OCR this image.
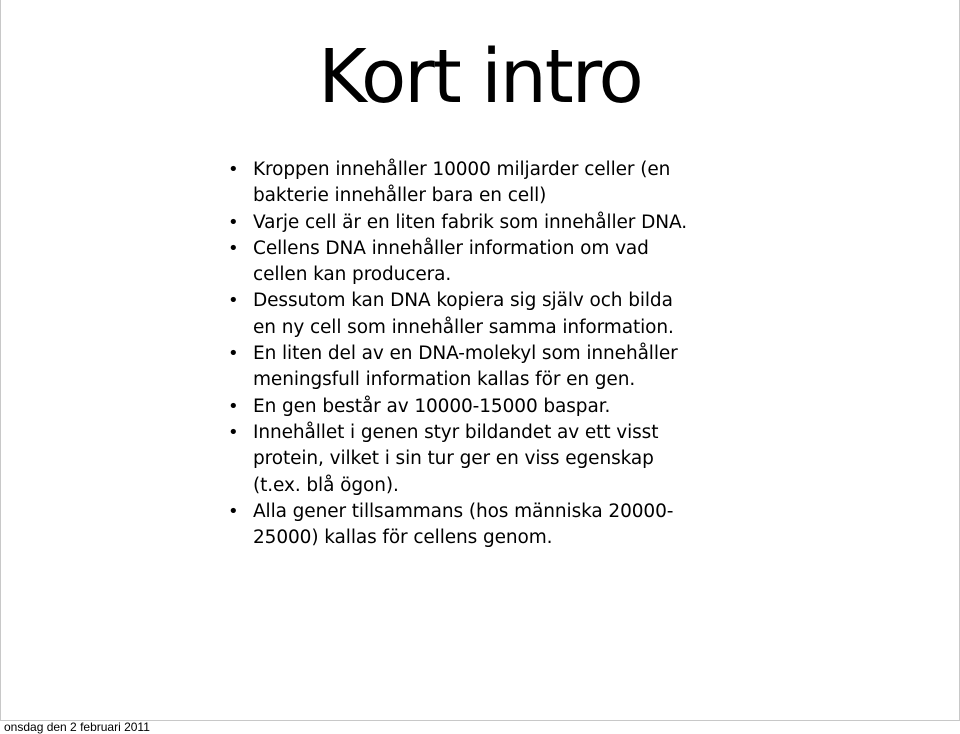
Kort intro
• Kroppen innehåller 10000 miljarder celler (en bakterie innehåller bara en cell)
• Varje cell är en liten fabrik som innehåller DNA.
• Cellens DNA innehåller information om vad cellen kan producera.
• Dessutom kan DNA kopiera sig själv och bilda en ny cell som innehåller samma information.
• En liten del av en DNA-molekyl som innehåller meningsfull information kallas för en gen.
• En gen består av 10000-15000 baspar.
• Innehållet i genen styr bildandet av ett visst protein, vilket i sin tur ger en viss egenskap (t.ex. blå ögon).
• Alla gener tillsammans (hos människa 20000-25000) kallas för cellens genom.
onsdag den 2 februari 2011
